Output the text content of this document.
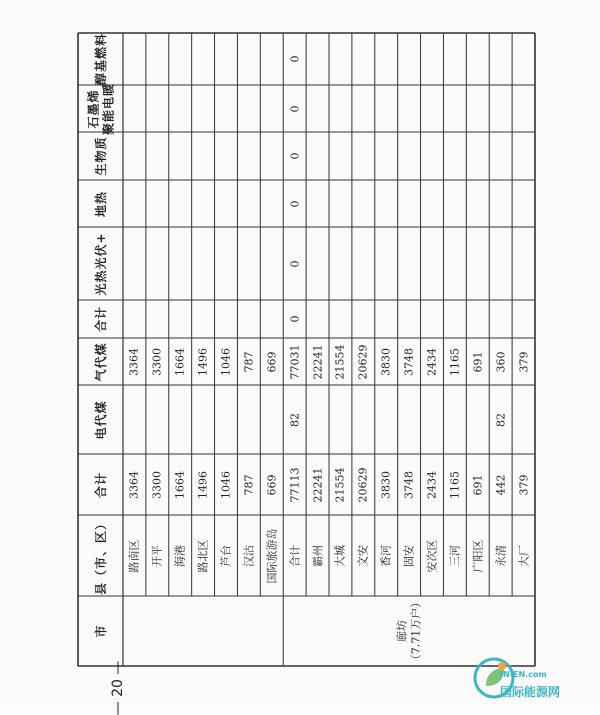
市
县（市、区）
合计
电代煤
气代煤
合计
光热光伏+
地热
生物质
醇基燃料
石墨烯 聚能电暖
廊坊 （7.71万户）
路南区
3364
3364
开平
3300
3300
海港
1664
1664
路北区
1496
1496
芦台
1046
1046
汉沽
787
787
国际旅游岛
669
669
合计
77113
82
77031
0
0
0
0
0
0
霸州
22241
22241
大城
21554
21554
文安
20629
20629
香河
3830
3830
固安
3748
3748
安次区
2434
2434
三河
1165
1165
广阳区
691
691
永清
442
82
360
大厂
379
379
— 20 —	IN-EN.com
国际能源网
